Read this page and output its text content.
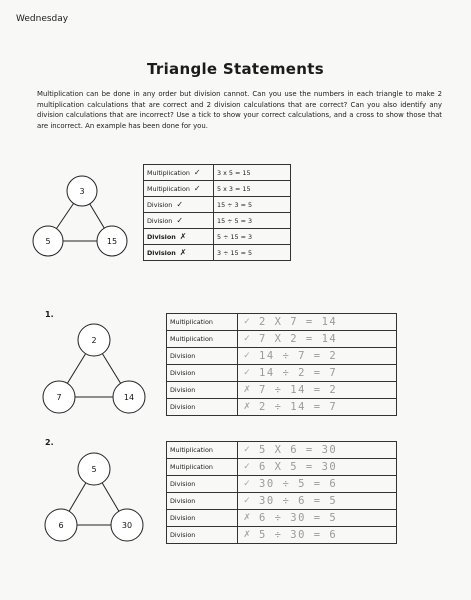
Wednesday
Triangle Statements
Multiplication can be done in any order but division cannot. Can you use the numbers in each triangle to make 2 multiplication calculations that are correct and 2 division calculations that are correct? Can you also identify any division calculations that are incorrect? Use a tick to show your correct calculations, and a cross to show those that are incorrect. An example has been done for you.
3
5	15
Multiplication ✓	3 x 5 = 15
Multiplication ✓	5 x 3 = 15
Division ✓	15 ÷ 3 = 5
Division ✓	15 ÷ 5 = 3
Division ✗	5 ÷ 15 = 3
Division ✗	3 ÷ 15 = 5
1.
2
7	14
Multiplication	✓	2 X 7 = 14
Multiplication	✓	7 X 2 = 14
Division	✓	14 ÷ 7 = 2
Division	✓	14 ÷ 2 = 7
Division	✗	7 ÷ 14 = 2
Division	✗	2 ÷ 14 = 7
2.
5
6	30
Multiplication	✓	5 X 6 = 30
Multiplication	✓	6 X 5 = 30
Division	✓	30 ÷ 5 = 6
Division	✓	30 ÷ 6 = 5
Division	✗	6 ÷ 30 = 5
Division	✗	5 ÷ 30 = 6
